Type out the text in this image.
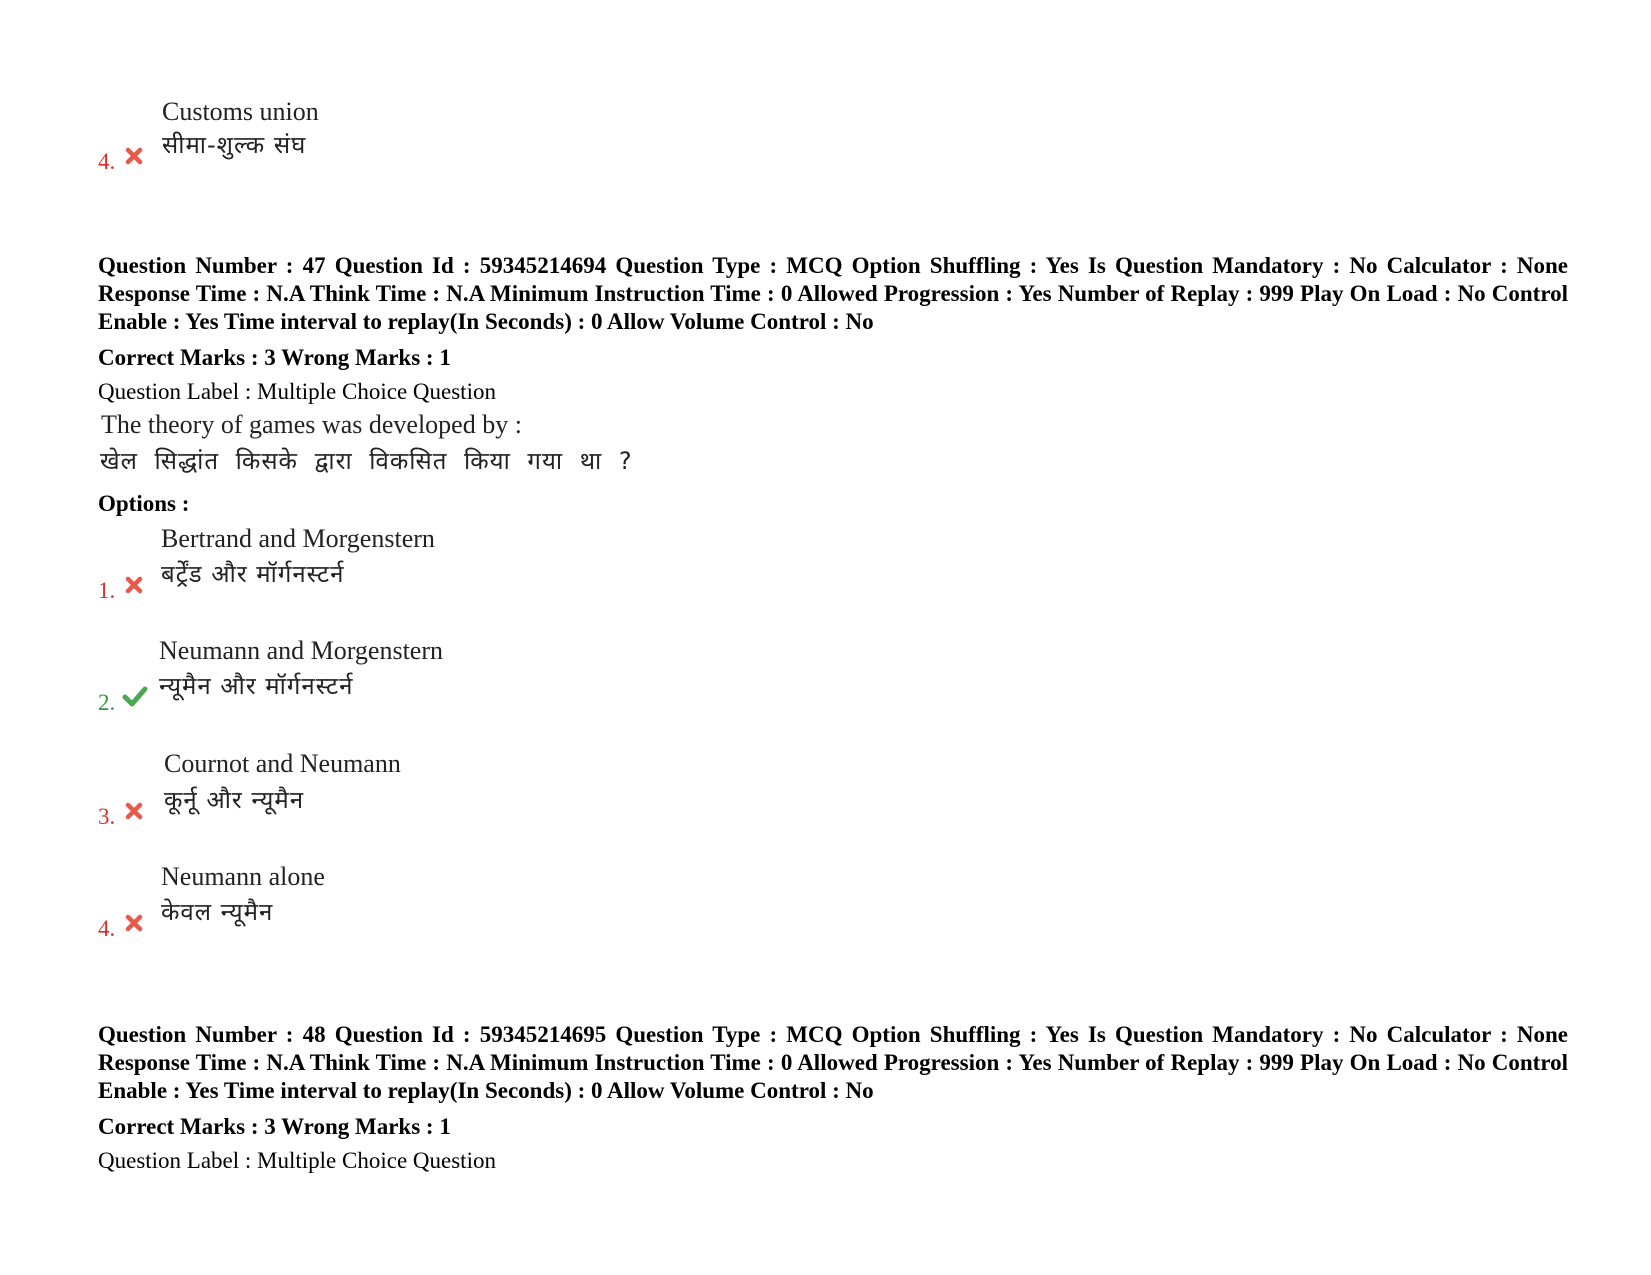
Customs union
सीमा-शुल्क संघ
4.
Question Number : 47 Question Id : 59345214694 Question Type : MCQ Option Shuffling : Yes Is Question Mandatory : No Calculator : None Response Time : N.A Think Time : N.A Minimum Instruction Time : 0 Allowed Progression : Yes Number of Replay : 999 Play On Load : No Control Enable : Yes Time interval to replay(In Seconds) : 0 Allow Volume Control : No
Correct Marks : 3 Wrong Marks : 1
Question Label : Multiple Choice Question
The theory of games was developed by :
खेल सिद्धांत किसके द्वारा विकसित किया गया था ?
Options :
Bertrand and Morgenstern
बर्ट्रेंड और मॉर्गनस्टर्न
1.
Neumann and Morgenstern
न्यूमैन और मॉर्गनस्टर्न
2.
Cournot and Neumann
कूर्नू और न्यूमैन
3.
Neumann alone
केवल न्यूमैन
4.
Question Number : 48 Question Id : 59345214695 Question Type : MCQ Option Shuffling : Yes Is Question Mandatory : No Calculator : None Response Time : N.A Think Time : N.A Minimum Instruction Time : 0 Allowed Progression : Yes Number of Replay : 999 Play On Load : No Control Enable : Yes Time interval to replay(In Seconds) : 0 Allow Volume Control : No
Correct Marks : 3 Wrong Marks : 1
Question Label : Multiple Choice Question
